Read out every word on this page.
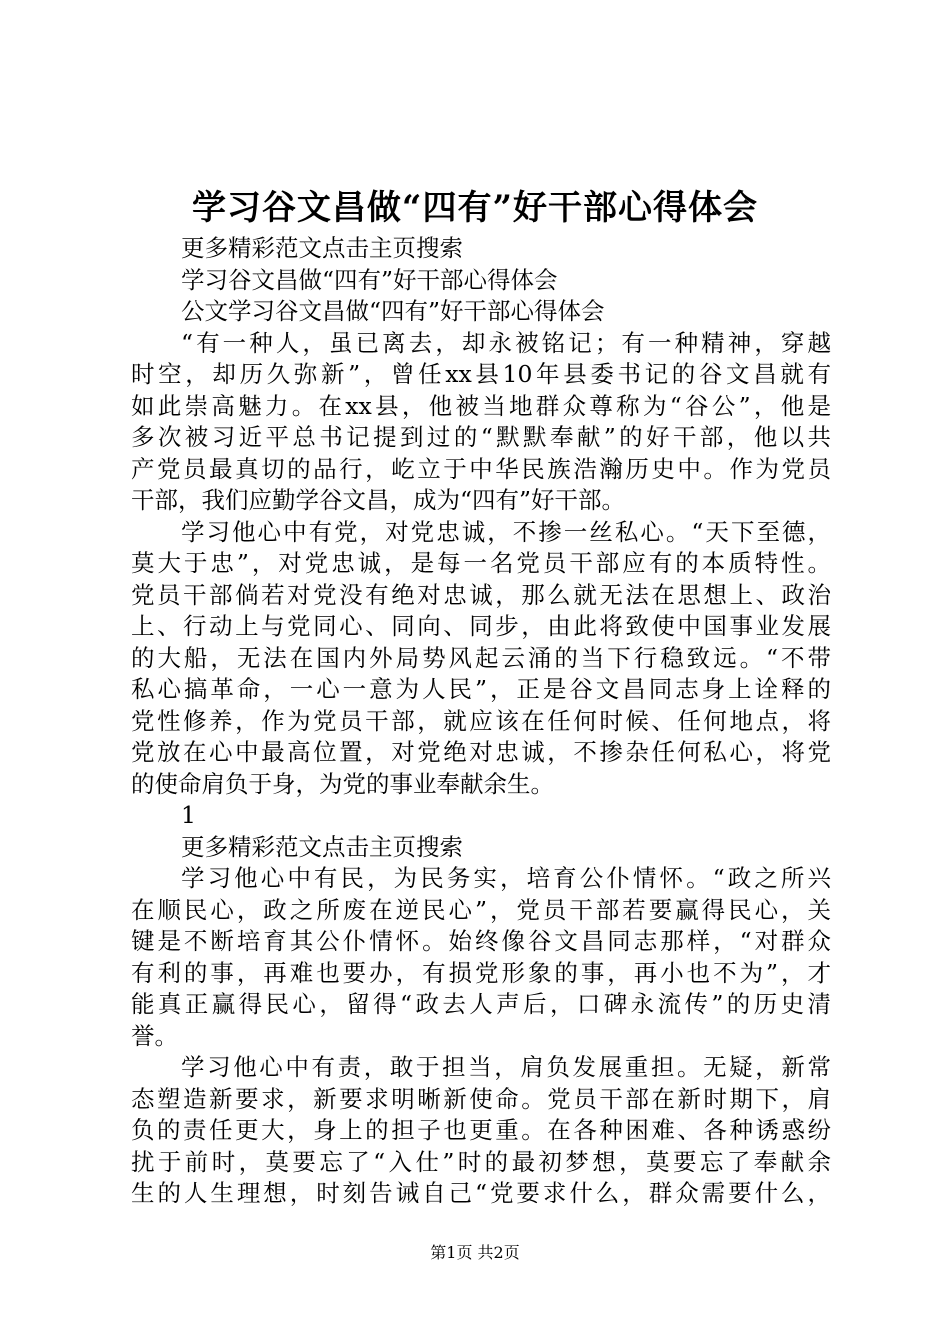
学习谷文昌做“四有”好干部心得体会

更多精彩范文点击主页搜索

学习谷文昌做“四有”好干部心得体会

公文学习谷文昌做“四有”好干部心得体会

“有一种人，虽已离去，却永被铭记；有一种精神，穿越

时空，却历久弥新”，曾任xx县10年县委书记的谷文昌就有

如此崇高魅力。在xx县，他被当地群众尊称为“谷公”，他是

多次被习近平总书记提到过的“默默奉献”的好干部，他以共

产党员最真切的品行，屹立于中华民族浩瀚历史中。作为党员

干部，我们应勤学谷文昌，成为“四有”好干部。

学习他心中有党，对党忠诚，不掺一丝私心。“天下至德，

莫大于忠”，对党忠诚，是每一名党员干部应有的本质特性。

党员干部倘若对党没有绝对忠诚，那么就无法在思想上、政治

上、行动上与党同心、同向、同步，由此将致使中国事业发展

的大船，无法在国内外局势风起云涌的当下行稳致远。“不带

私心搞革命，一心一意为人民”，正是谷文昌同志身上诠释的

党性修养，作为党员干部，就应该在任何时候、任何地点，将

党放在心中最高位置，对党绝对忠诚，不掺杂任何私心，将党

的使命肩负于身，为党的事业奉献余生。

1

更多精彩范文点击主页搜索

学习他心中有民，为民务实，培育公仆情怀。“政之所兴

在顺民心，政之所废在逆民心”，党员干部若要赢得民心，关

键是不断培育其公仆情怀。始终像谷文昌同志那样，“对群众

有利的事，再难也要办，有损党形象的事，再小也不为”，才

能真正赢得民心，留得“政去人声后，口碑永流传”的历史清

誉。

学习他心中有责，敢于担当，肩负发展重担。无疑，新常

态塑造新要求，新要求明晰新使命。党员干部在新时期下，肩

负的责任更大，身上的担子也更重。在各种困难、各种诱惑纷

扰于前时，莫要忘了“入仕”时的最初梦想，莫要忘了奉献余

生的人生理想，时刻告诫自己“党要求什么，群众需要什么，

第1页 共2页
